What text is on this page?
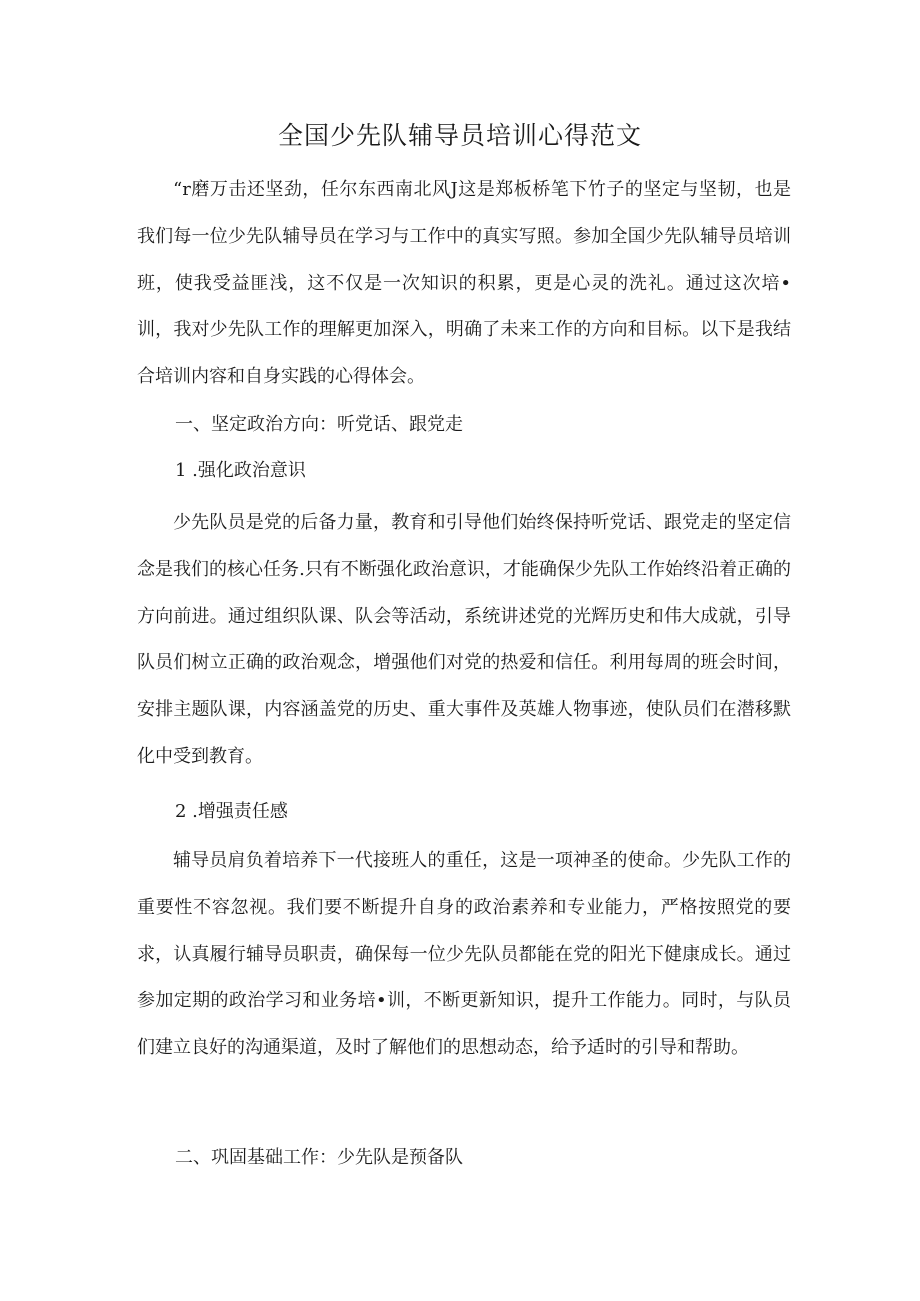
全国少先队辅导员培训心得范文

“r磨万击还坚劲，任尔东西南北风J这是郑板桥笔下竹子的坚定与坚韧，也是我们每一位少先队辅导员在学习与工作中的真实写照。参加全国少先队辅导员培训班，使我受益匪浅，这不仅是一次知识的积累，更是心灵的洗礼。通过这次培•训，我对少先队工作的理解更加深入，明确了未来工作的方向和目标。以下是我结合培训内容和自身实践的心得体会。

一、坚定政治方向：听党话、跟党走

1 .强化政治意识

少先队员是党的后备力量，教育和引导他们始终保持听党话、跟党走的坚定信念是我们的核心任务.只有不断强化政治意识，才能确保少先队工作始终沿着正确的方向前进。通过组织队课、队会等活动，系统讲述党的光辉历史和伟大成就，引导队员们树立正确的政治观念，增强他们对党的热爱和信任。利用每周的班会时间，安排主题队课，内容涵盖党的历史、重大事件及英雄人物事迹，使队员们在潜移默化中受到教育。

2 .增强责任感

辅导员肩负着培养下一代接班人的重任，这是一项神圣的使命。少先队工作的重要性不容忽视。我们要不断提升自身的政治素养和专业能力，严格按照党的要求，认真履行辅导员职责，确保每一位少先队员都能在党的阳光下健康成长。通过参加定期的政治学习和业务培•训，不断更新知识，提升工作能力。同时，与队员们建立良好的沟通渠道，及时了解他们的思想动态，给予适时的引导和帮助。

二、巩固基础工作：少先队是预备队
